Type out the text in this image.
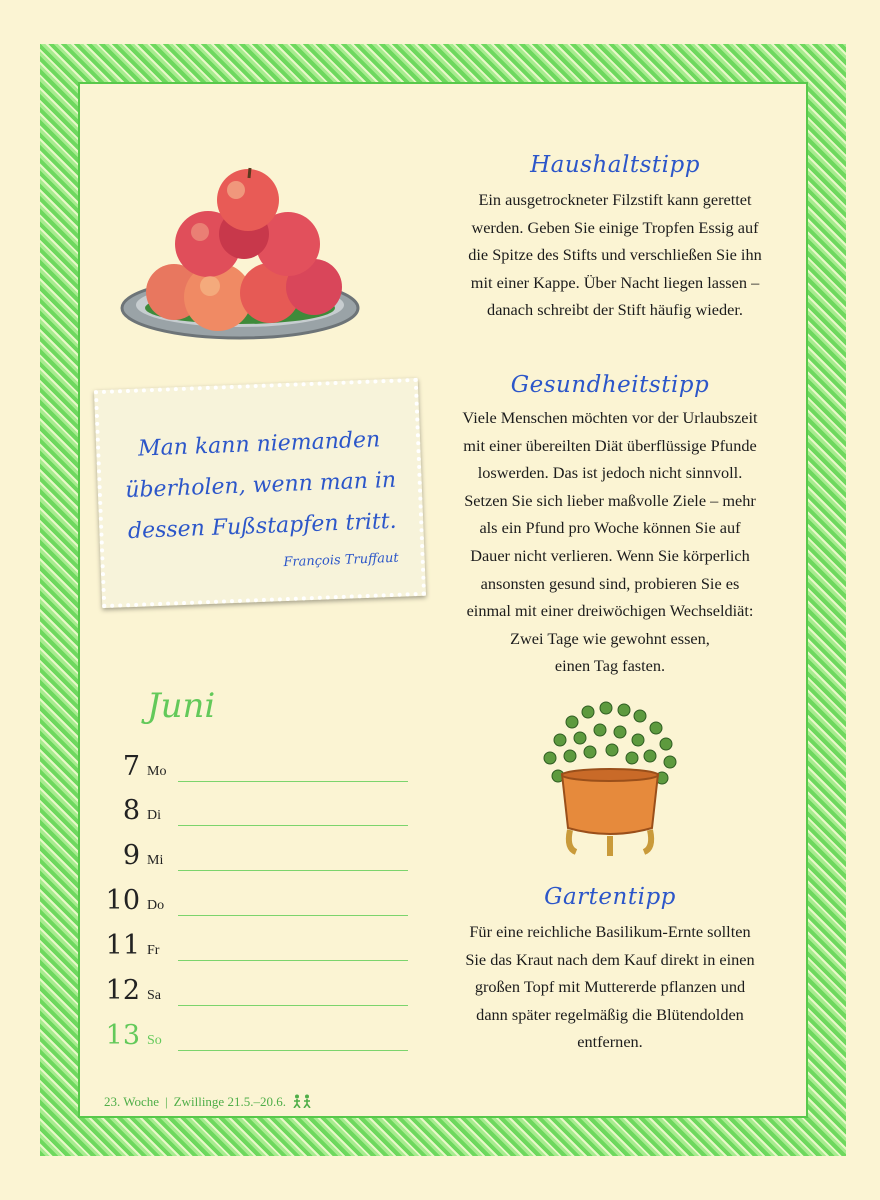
Haushaltstipp
Ein ausgetrockneter Filzstift kann gerettet
werden. Geben Sie einige Tropfen Essig auf
die Spitze des Stifts und verschließen Sie ihn
mit einer Kappe. Über Nacht liegen lassen –
danach schreibt der Stift häufig wieder.
Man kann niemanden
überholen, wenn man in
dessen Fußstapfen tritt.
François Truffaut
Gesundheitstipp
Viele Menschen möchten vor der Urlaubszeit
mit einer übereilten Diät überflüssige Pfunde
loswerden. Das ist jedoch nicht sinnvoll.
Setzen Sie sich lieber maßvolle Ziele – mehr
als ein Pfund pro Woche können Sie auf
Dauer nicht verlieren. Wenn Sie körperlich
ansonsten gesund sind, probieren Sie es
einmal mit einer dreiwöchigen Wechseldiät:
Zwei Tage wie gewohnt essen,
einen Tag fasten.
Juni
7 Mo
8 Di
9 Mi
10 Do
11 Fr
12 Sa
13 So
Gartentipp
Für eine reichliche Basilikum-Ernte sollten
Sie das Kraut nach dem Kauf direkt in einen
großen Topf mit Muttererde pflanzen und
dann später regelmäßig die Blütendolden
entfernen.
23. Woche | Zwillinge 21.5.–20.6.
